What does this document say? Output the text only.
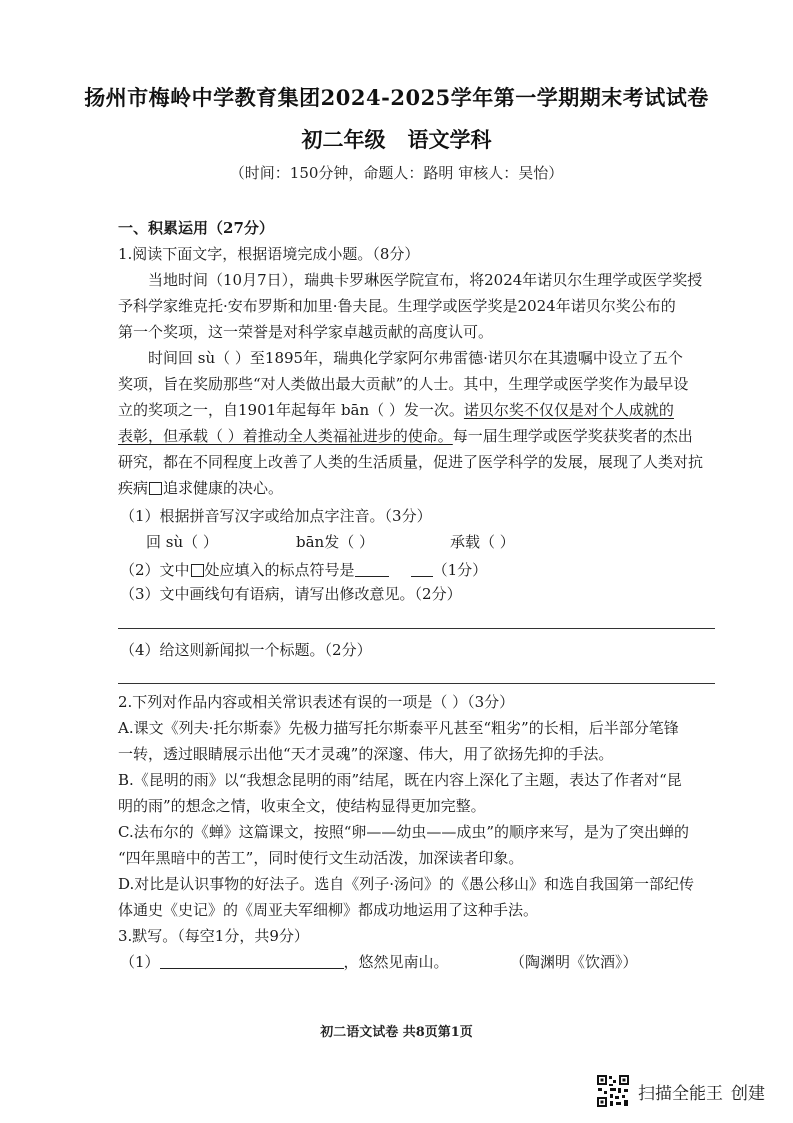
扬州市梅岭中学教育集团2024-2025学年第一学期期末考试试卷
初二年级 语文学科
（时间：150分钟，命题人：路明 审核人：吴怡）
一、积累运用（27分）
1.阅读下面文字，根据语境完成小题。（8分）
当地时间（10月7日），瑞典卡罗琳医学院宣布，将2024年诺贝尔生理学或医学奖授
予科学家维克托·安布罗斯和加里·鲁夫昆。生理学或医学奖是2024年诺贝尔奖公布的
第一个奖项，这一荣誉是对科学家卓越贡献的高度认可。
时间回 sù（ ）至1895年，瑞典化学家阿尔弗雷德·诺贝尔在其遗嘱中设立了五个
奖项，旨在奖励那些“对人类做出最大贡献”的人士。其中，生理学或医学奖作为最早设
立的奖项之一，自1901年起每年 bān（ ）发一次。诺贝尔奖不仅仅是对个人成就的
表彰，但承载（ ）着推动全人类福祉进步的使命。每一届生理学或医学奖获奖者的杰出
研究，都在不同程度上改善了人类的生活质量，促进了医学科学的发展，展现了人类对抗
疾病 追求健康的决心。
（1）根据拼音写汉字或给加点字注音。（3分）
回 sù（ ）	bān发（ ）	承载（ ）
（2）文中 处应填入的标点符号是	（1分）
（3）文中画线句有语病，请写出修改意见。（2分）
（4）给这则新闻拟一个标题。（2分）
2.下列对作品内容或相关常识表述有误的一项是（ ）（3分）
A.课文《列夫·托尔斯泰》先极力描写托尔斯泰平凡甚至“粗劣”的长相，后半部分笔锋
一转，透过眼睛展示出他“天才灵魂”的深邃、伟大，用了欲扬先抑的手法。
B.《昆明的雨》以“我想念昆明的雨”结尾，既在内容上深化了主题，表达了作者对“昆
明的雨”的想念之情，收束全文，使结构显得更加完整。
C.法布尔的《蝉》这篇课文，按照“卵——幼虫——成虫”的顺序来写，是为了突出蝉的
“四年黑暗中的苦工”，同时使行文生动活泼，加深读者印象。
D.对比是认识事物的好法子。选自《列子·汤问》的《愚公移山》和选自我国第一部纪传
体通史《史记》的《周亚夫军细柳》都成功地运用了这种手法。
3.默写。（每空1分，共9分）
（1）	，悠然见南山。	（陶渊明《饮酒》）
初二语文试卷 共8页第1页
扫描全能王 创建
